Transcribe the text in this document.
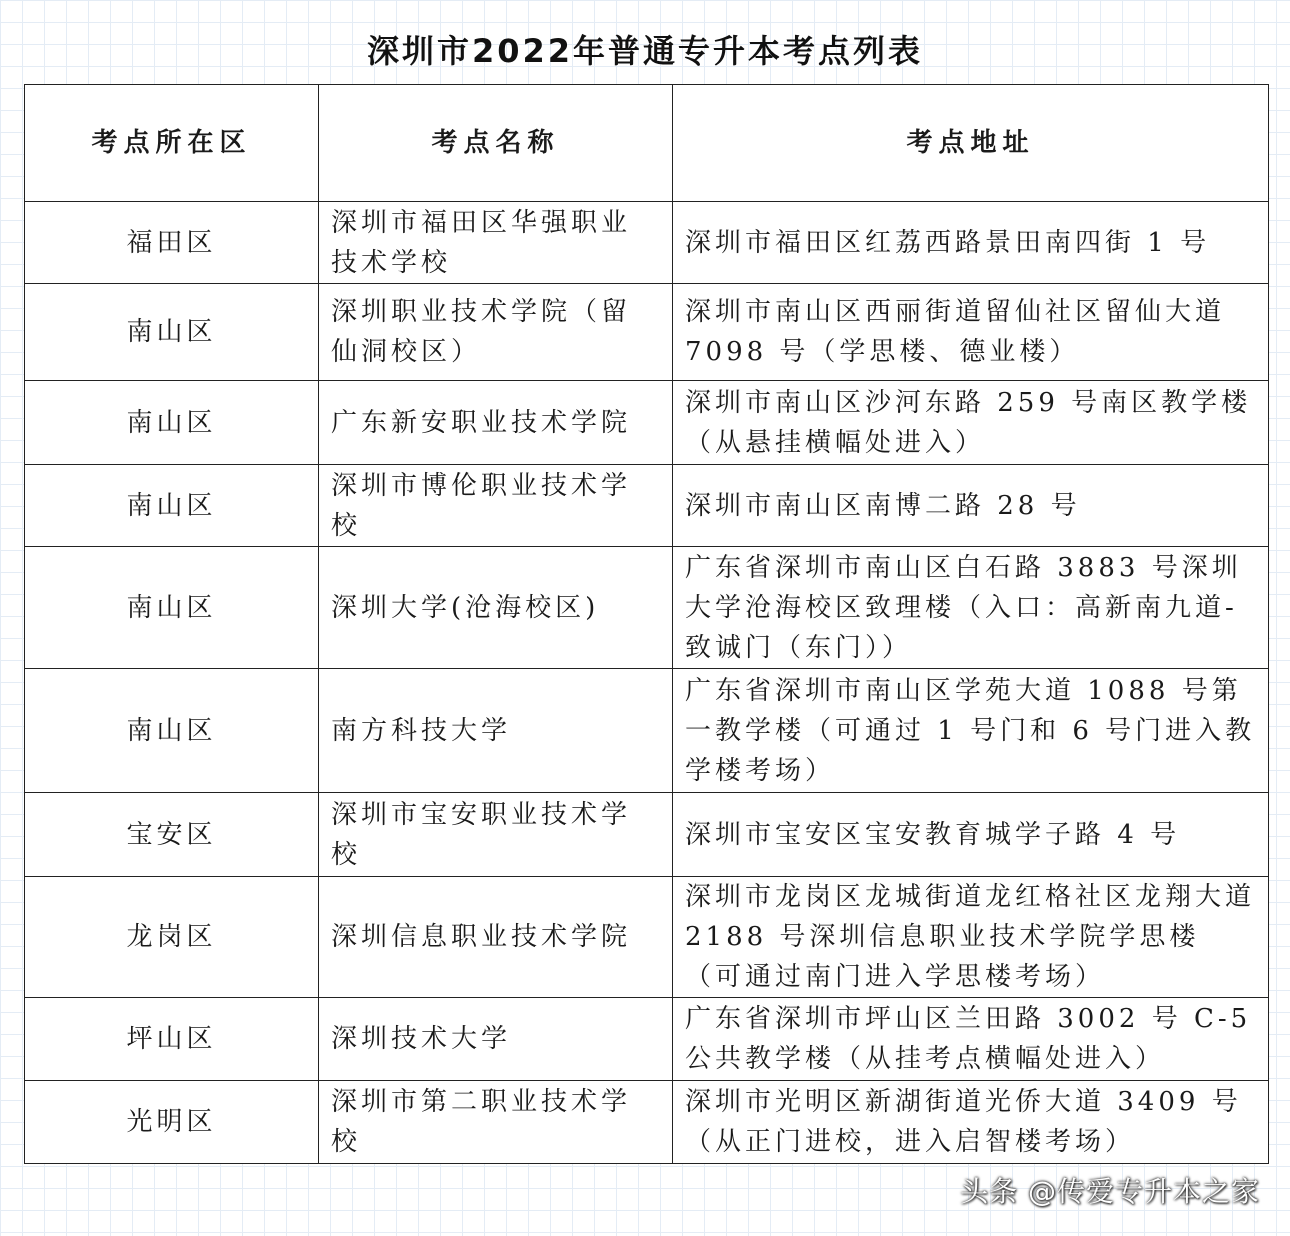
深圳市2022年普通专升本考点列表
考点所在区	考点名称	考点地址
福田区	深圳市福田区华强职业技术学校	深圳市福田区红荔西路景田南四街 1 号
南山区	深圳职业技术学院（留仙洞校区）	深圳市南山区西丽街道留仙社区留仙大道 7098 号（学思楼、德业楼）
南山区	广东新安职业技术学院	深圳市南山区沙河东路 259 号南区教学楼（从悬挂横幅处进入）
南山区	深圳市博伦职业技术学校	深圳市南山区南博二路 28 号
南山区	深圳大学(沧海校区)	广东省深圳市南山区白石路 3883 号深圳大学沧海校区致理楼（入口：高新南九道-致诚门（东门））
南山区	南方科技大学	广东省深圳市南山区学苑大道 1088 号第一教学楼（可通过 1 号门和 6 号门进入教学楼考场）
宝安区	深圳市宝安职业技术学校	深圳市宝安区宝安教育城学子路 4 号
龙岗区	深圳信息职业技术学院	深圳市龙岗区龙城街道龙红格社区龙翔大道 2188 号深圳信息职业技术学院学思楼（可通过南门进入学思楼考场）
坪山区	深圳技术大学	广东省深圳市坪山区兰田路 3002 号 C-5 公共教学楼（从挂考点横幅处进入）
光明区	深圳市第二职业技术学校	深圳市光明区新湖街道光侨大道 3409 号（从正门进校，进入启智楼考场）
头条 @传爱专升本之家
